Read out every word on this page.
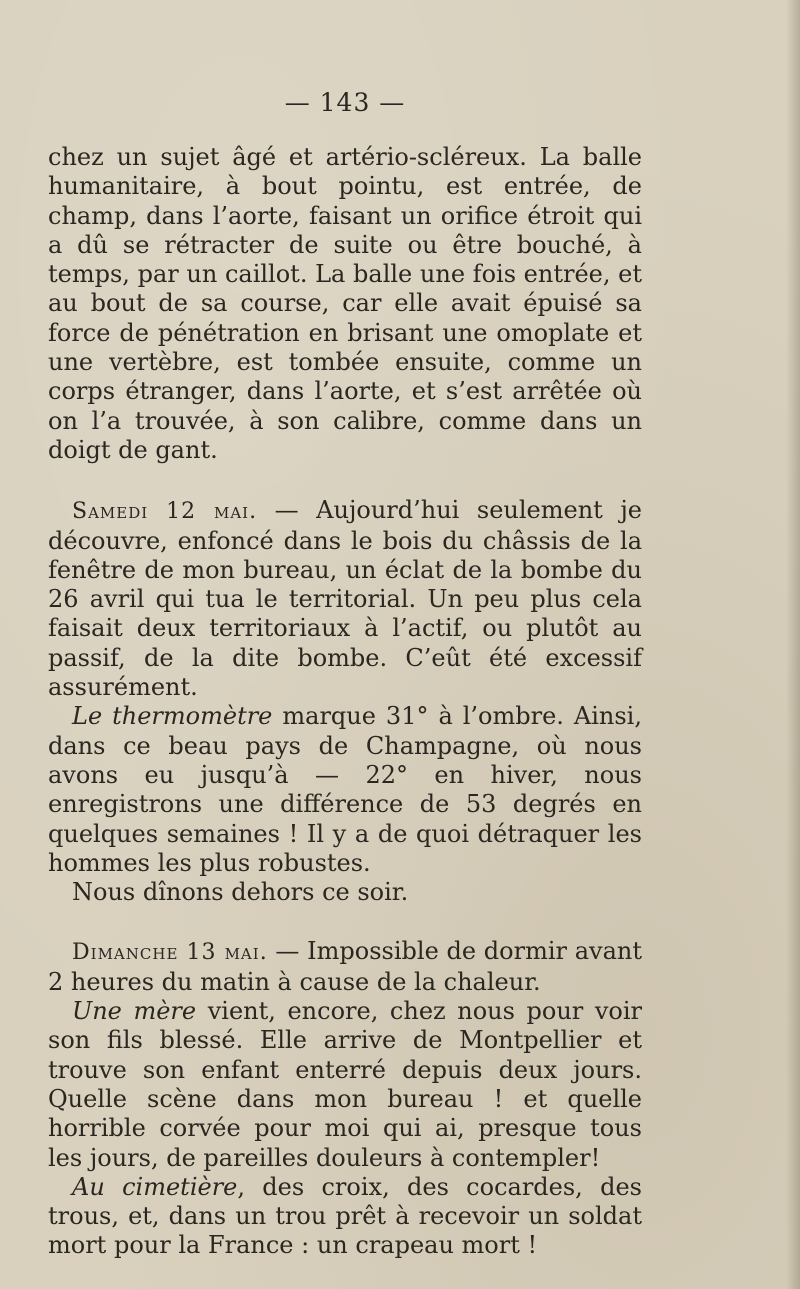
— 143 —

chez un sujet âgé et artério-scléreux. La balle humanitaire, à bout pointu, est entrée, de champ, dans l’aorte, faisant un orifice étroit qui a dû se rétracter de suite ou être bouché, à temps, par un caillot. La balle une fois entrée, et au bout de sa course, car elle avait épuisé sa force de pénétration en brisant une omoplate et une vertèbre, est tombée ensuite, comme un corps étranger, dans l’aorte, et s’est arrêtée où on l’a trouvée, à son calibre, comme dans un doigt de gant.

Samedi 12 mai. — Aujourd’hui seulement je découvre, enfoncé dans le bois du châssis de la fenêtre de mon bureau, un éclat de la bombe du 26 avril qui tua le territorial. Un peu plus cela faisait deux territoriaux à l’actif, ou plutôt au passif, de la dite bombe. C’eût été excessif assurément.

Le thermomètre marque 31° à l’ombre. Ainsi, dans ce beau pays de Champagne, où nous avons eu jusqu’à — 22° en hiver, nous enregistrons une différence de 53 degrés en quelques semaines ! Il y a de quoi détraquer les hommes les plus robustes.

Nous dînons dehors ce soir.

Dimanche 13 mai. — Impossible de dormir avant 2 heures du matin à cause de la chaleur.

Une mère vient, encore, chez nous pour voir son fils blessé. Elle arrive de Montpellier et trouve son enfant enterré depuis deux jours. Quelle scène dans mon bureau ! et quelle horrible corvée pour moi qui ai, presque tous les jours, de pareilles douleurs à contempler!

Au cimetière, des croix, des cocardes, des trous, et, dans un trou prêt à recevoir un soldat mort pour la France : un crapeau mort !
